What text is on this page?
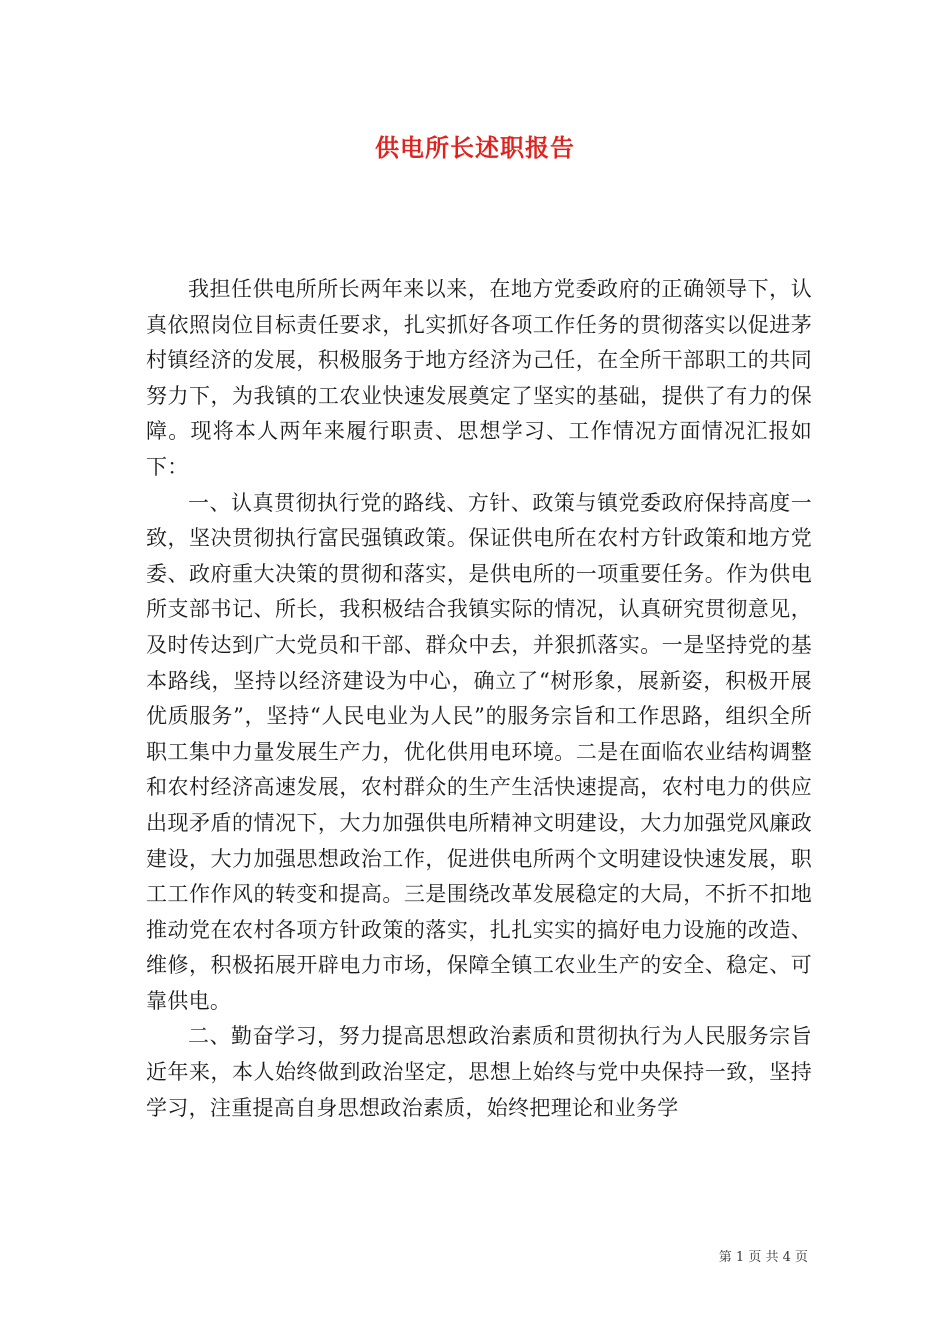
供电所长述职报告

我担任供电所所长两年来以来，在地方党委政府的正确领导下，认真依照岗位目标责任要求，扎实抓好各项工作任务的贯彻落实以促进茅村镇经济的发展，积极服务于地方经济为己任，在全所干部职工的共同努力下，为我镇的工农业快速发展奠定了坚实的基础，提供了有力的保障。现将本人两年来履行职责、思想学习、工作情况方面情况汇报如下：

一、认真贯彻执行党的路线、方针、政策与镇党委政府保持高度一致，坚决贯彻执行富民强镇政策。保证供电所在农村方针政策和地方党委、政府重大决策的贯彻和落实，是供电所的一项重要任务。作为供电所支部书记、所长，我积极结合我镇实际的情况，认真研究贯彻意见，及时传达到广大党员和干部、群众中去，并狠抓落实。一是坚持党的基本路线，坚持以经济建设为中心，确立了“树形象，展新姿，积极开展优质服务”，坚持“人民电业为人民”的服务宗旨和工作思路，组织全所职工集中力量发展生产力，优化供用电环境。二是在面临农业结构调整和农村经济高速发展，农村群众的生产生活快速提高，农村电力的供应出现矛盾的情况下，大力加强供电所精神文明建设，大力加强党风廉政建设，大力加强思想政治工作，促进供电所两个文明建设快速发展，职工工作作风的转变和提高。三是围绕改革发展稳定的大局，不折不扣地推动党在农村各项方针政策的落实，扎扎实实的搞好电力设施的改造、维修，积极拓展开辟电力市场，保障全镇工农业生产的安全、稳定、可靠供电。

二、勤奋学习，努力提高思想政治素质和贯彻执行为人民服务宗旨近年来，本人始终做到政治坚定，思想上始终与党中央保持一致，坚持学习，注重提高自身思想政治素质，始终把理论和业务学

第 1 页 共 4 页
